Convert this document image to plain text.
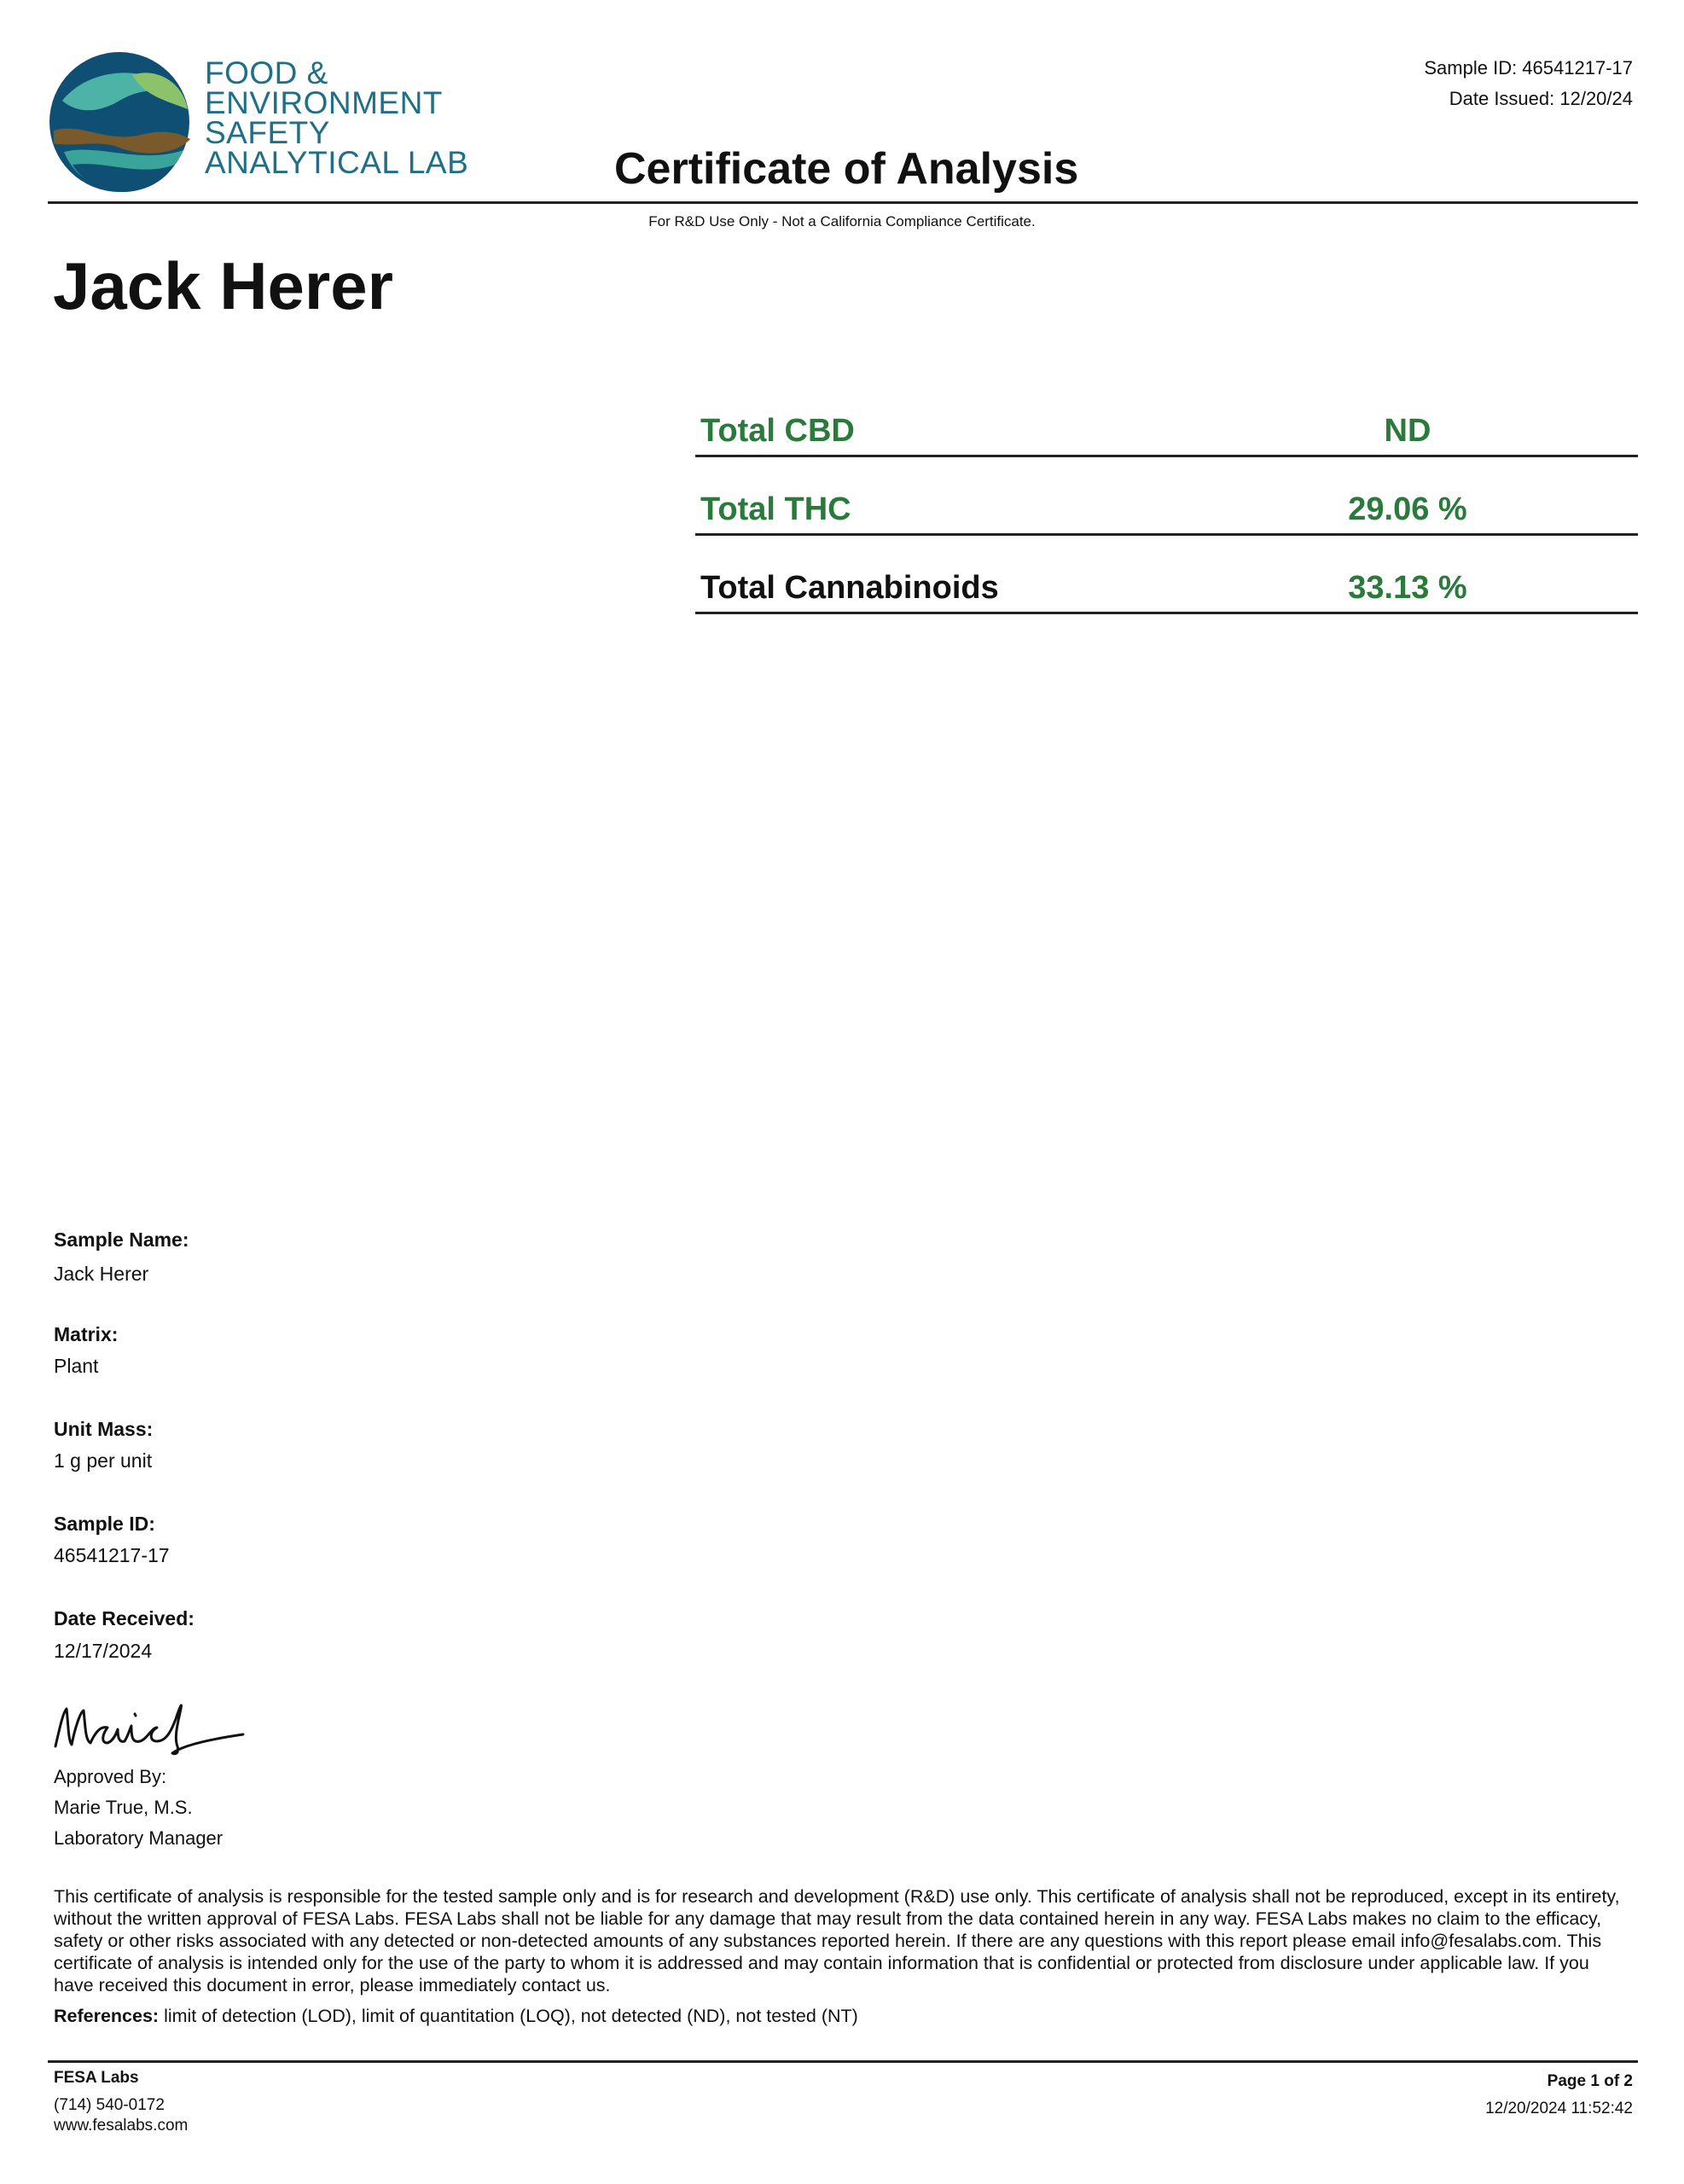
FOOD &
ENVIRONMENT
SAFETY
ANALYTICAL LAB
Sample ID: 46541217-17
Date Issued: 12/20/24
Certificate of Analysis
For R&D Use Only - Not a California Compliance Certificate.
Jack Herer
Total CBD	ND
Total THC	29.06 %
Total Cannabinoids	33.13 %
Sample Name:
Jack Herer
Matrix:
Plant
Unit Mass:
1 g per unit
Sample ID:
46541217-17
Date Received:
12/17/2024
Approved By:
Marie True, M.S.
Laboratory Manager
This certificate of analysis is responsible for the tested sample only and is for research and development (R&D) use only. This certificate of analysis shall not be reproduced, except in its entirety, without the written approval of FESA Labs. FESA Labs shall not be liable for any damage that may result from the data contained herein in any way. FESA Labs makes no claim to the efficacy, safety or other risks associated with any detected or non-detected amounts of any substances reported herein. If there are any questions with this report please email info@fesalabs.com. This certificate of analysis is intended only for the use of the party to whom it is addressed and may contain information that is confidential or protected from disclosure under applicable law. If you have received this document in error, please immediately contact us.
References: limit of detection (LOD), limit of quantitation (LOQ), not detected (ND), not tested (NT)
FESA Labs
(714) 540-0172
www.fesalabs.com
Page 1 of 2
12/20/2024 11:52:42
